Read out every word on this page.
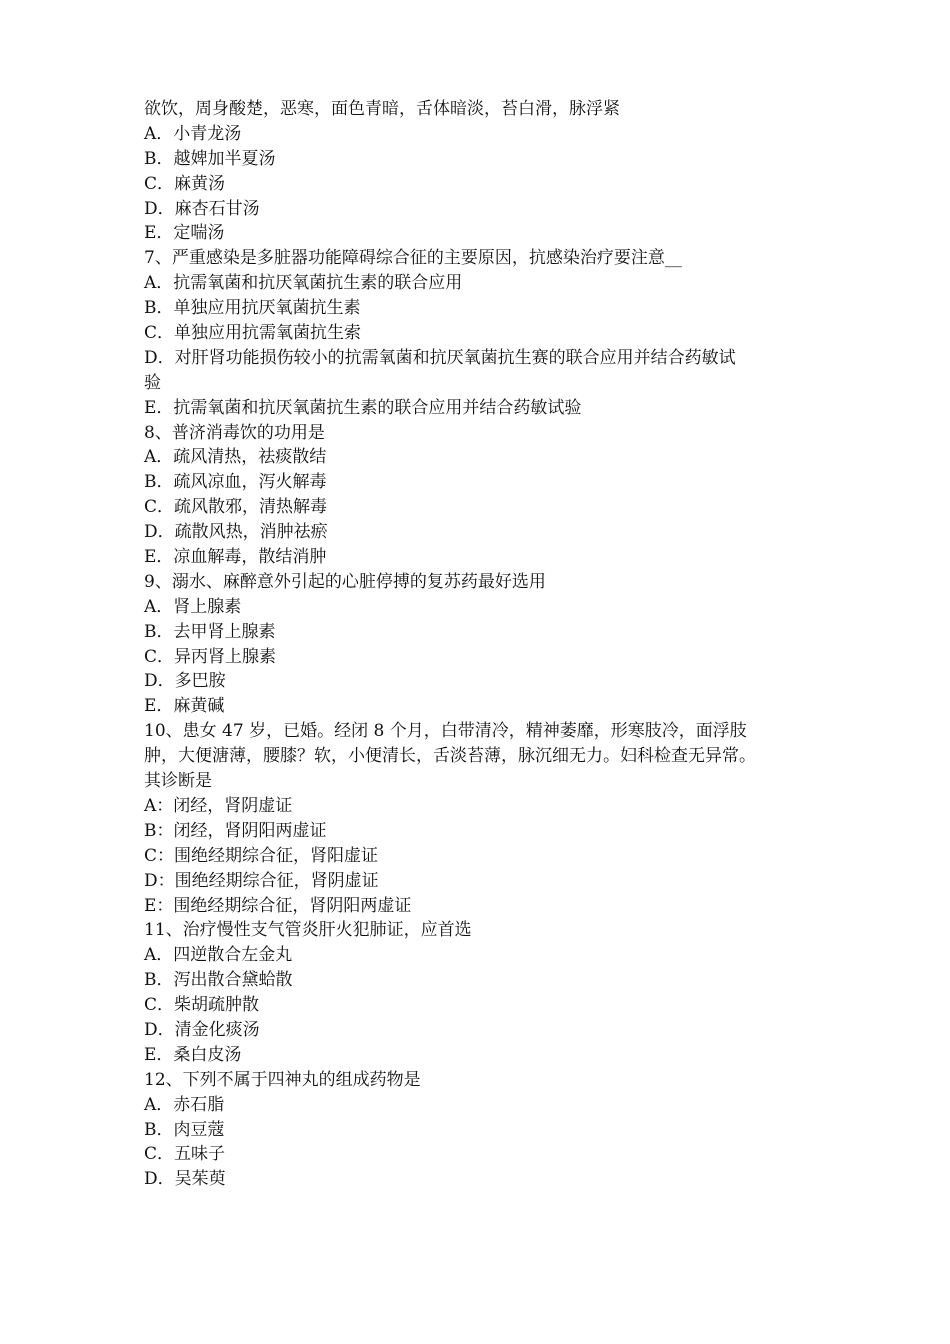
欲饮，周身酸楚，恶寒，面色青暗，舌体暗淡，苔白滑，脉浮紧
A．小青龙汤
B．越婢加半夏汤
C．麻黄汤
D．麻杏石甘汤
E．定喘汤
7、严重感染是多脏器功能障碍综合征的主要原因，抗感染治疗要注意__
A．抗需氧菌和抗厌氧菌抗生素的联合应用
B．单独应用抗厌氧菌抗生素
C．单独应用抗需氧菌抗生索
D．对肝肾功能损伤较小的抗需氧菌和抗厌氧菌抗生赛的联合应用并结合药敏试
验
E．抗需氧菌和抗厌氧菌抗生素的联合应用并结合药敏试验
8、普济消毒饮的功用是
A．疏风清热，祛痰散结
B．疏风凉血，泻火解毒
C．疏风散邪，清热解毒
D．疏散风热，消肿祛瘀
E．凉血解毒，散结消肿
9、溺水、麻醉意外引起的心脏停搏的复苏药最好选用
A．肾上腺素
B．去甲肾上腺素
C．异丙肾上腺素
D．多巴胺
E．麻黄碱
10、患女 47 岁，已婚。经闭 8 个月，白带清冷，精神萎靡，形寒肢冷，面浮肢
肿，大便溏薄，腰膝？软，小便清长，舌淡苔薄，脉沉细无力。妇科检查无异常。
其诊断是
A：闭经，肾阴虚证
B：闭经，肾阴阳两虚证
C：围绝经期综合征，肾阳虚证
D：围绝经期综合征，肾阴虚证
E：围绝经期综合征，肾阴阳两虚证
11、治疗慢性支气管炎肝火犯肺证，应首选
A．四逆散合左金丸
B．泻出散合黛蛤散
C．柴胡疏肿散
D．清金化痰汤
E．桑白皮汤
12、下列不属于四神丸的组成药物是
A．赤石脂
B．肉豆蔻
C．五味子
D．吴茱萸
